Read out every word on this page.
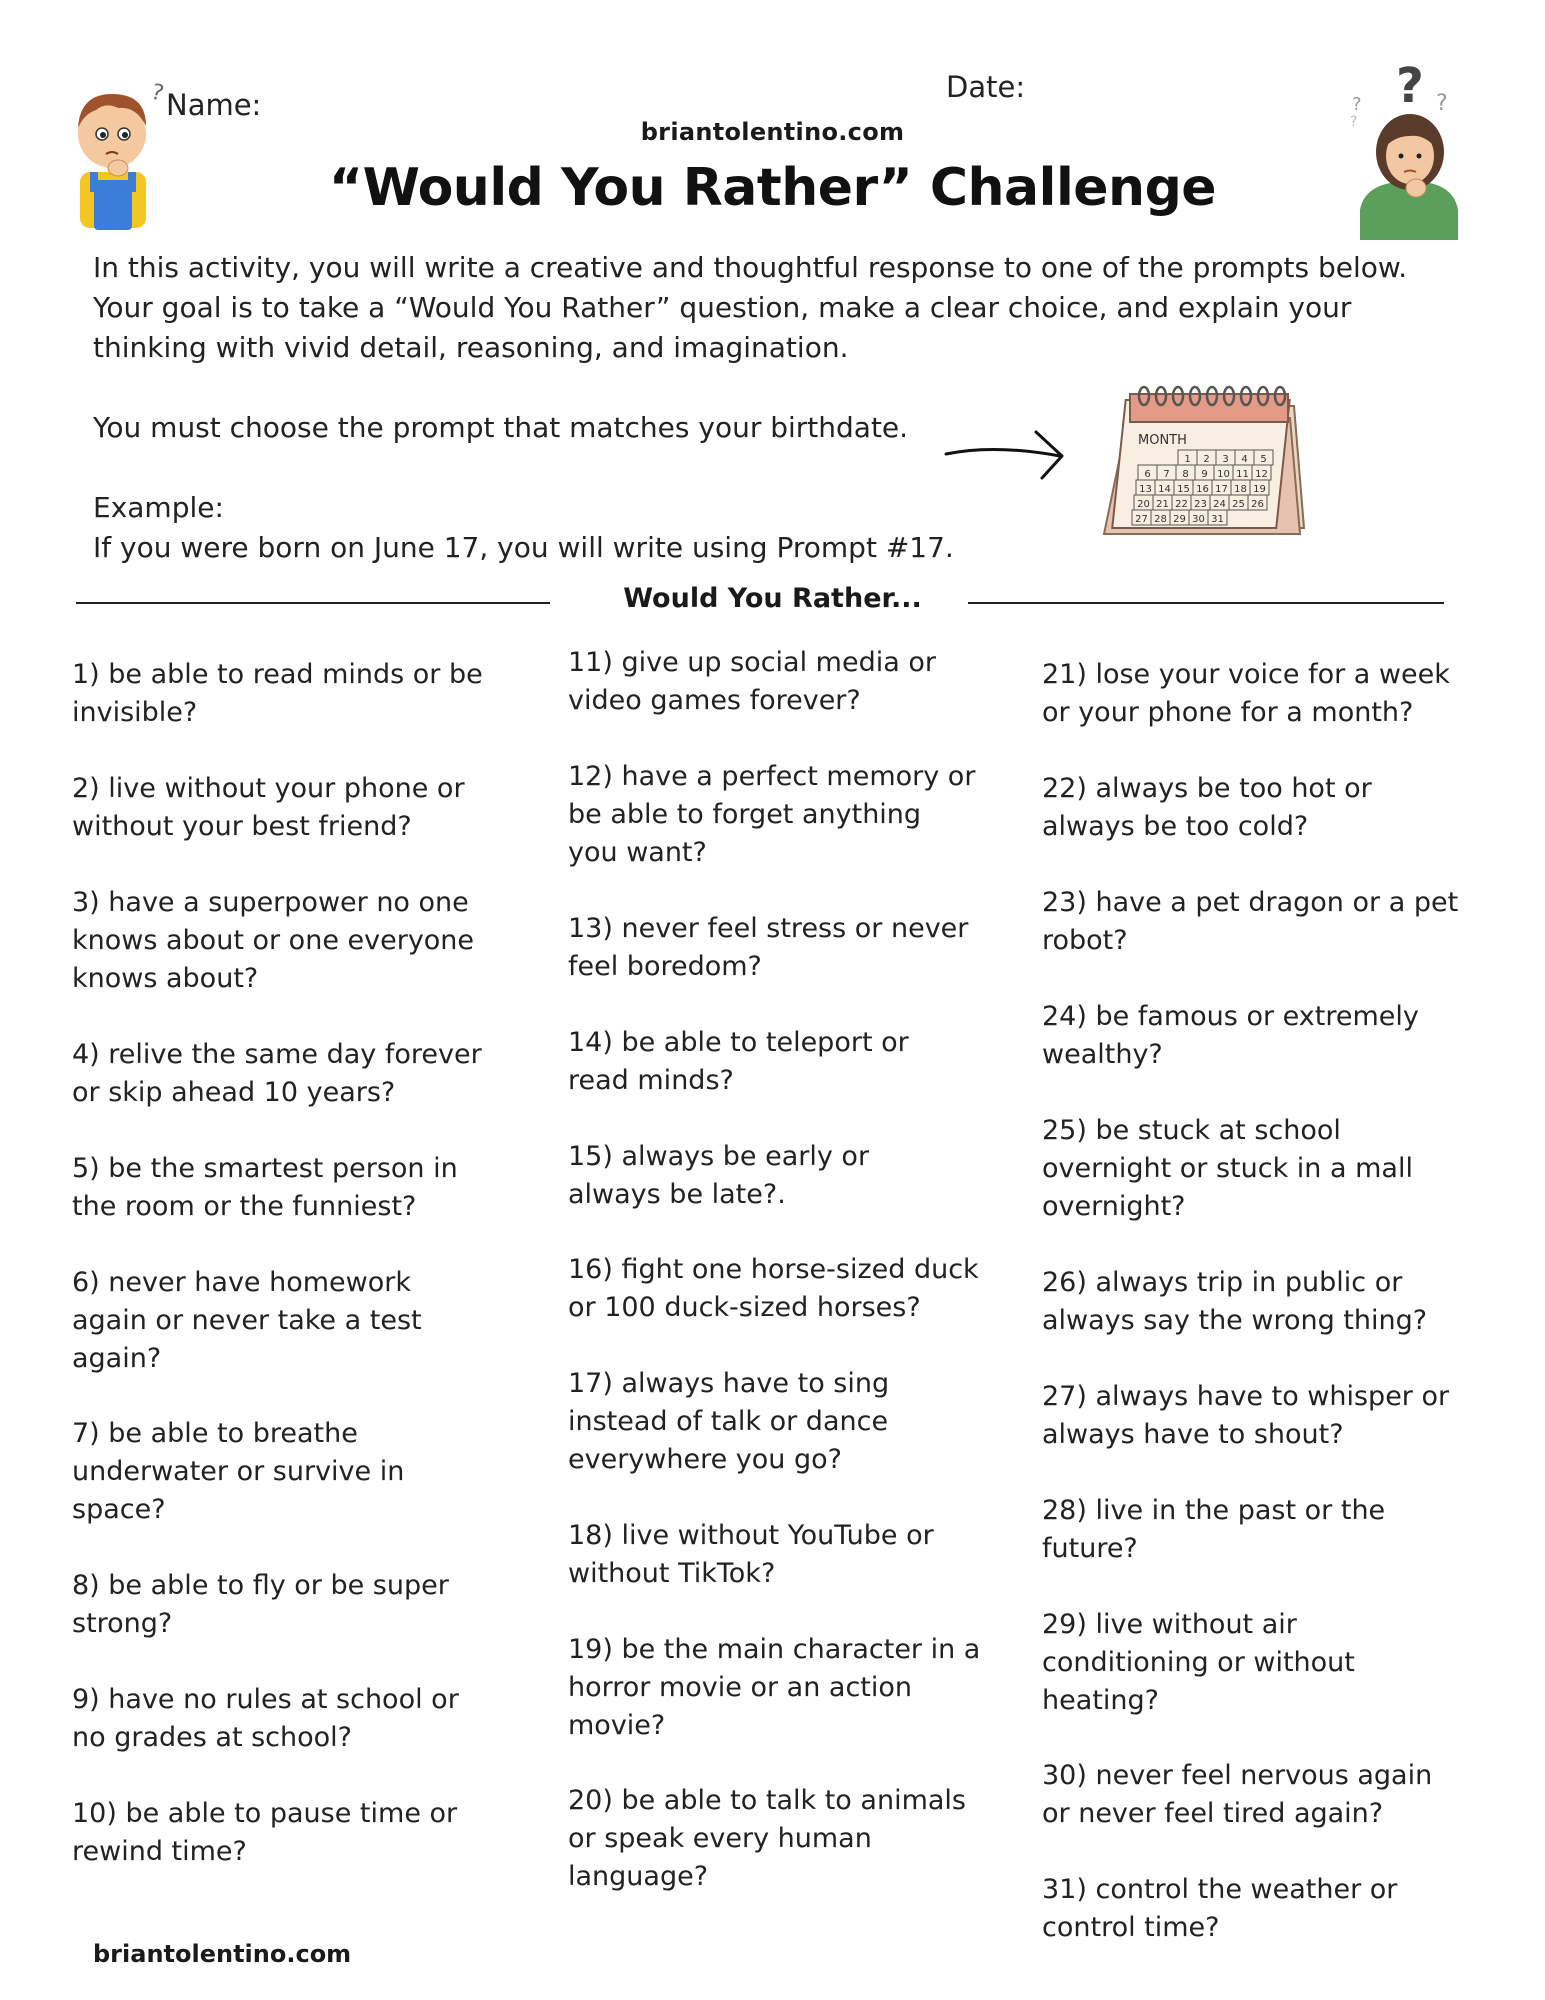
? Name:
Date:
briantolentino.com
“Would You Rather” Challenge
? ?
?
?

In this activity, you will write a creative and thoughtful response to one of the prompts below. Your goal is to take a “Would You Rather” question, make a clear choice, and explain your thinking with vivid detail, reasoning, and imagination.

You must choose the prompt that matches your birthdate.

Example:

If you were born on June 17, you will write using Prompt #17.

MONTH
1 2 3 4 5
6 7 8 9 10 11 12
13 14 15 16 17 18 19
20 21 22 23 24 25 26
27 28 29 30 31
Would You Rather...
1) be able to read minds or be invisible?
2) live without your phone or without your best friend?
3) have a superpower no one knows about or one everyone knows about?
4) relive the same day forever or skip ahead 10 years?
5) be the smartest person in the room or the funniest?
6) never have homework again or never take a test again?
7) be able to breathe underwater or survive in space?
8) be able to fly or be super strong?
9) have no rules at school or no grades at school?
10) be able to pause time or rewind time?
11) give up social media or video games forever?
12) have a perfect memory or be able to forget anything you want?
13) never feel stress or never feel boredom?
14) be able to teleport or read minds?
15) always be early or always be late?.
16) fight one horse-sized duck or 100 duck-sized horses?
17) always have to sing instead of talk or dance everywhere you go?
18) live without YouTube or without TikTok?
19) be the main character in a horror movie or an action movie?
20) be able to talk to animals or speak every human language?
21) lose your voice for a week or your phone for a month?
22) always be too hot or always be too cold?
23) have a pet dragon or a pet robot?
24) be famous or extremely wealthy?
25) be stuck at school overnight or stuck in a mall overnight?
26) always trip in public or always say the wrong thing?
27) always have to whisper or always have to shout?
28) live in the past or the future?
29) live without air conditioning or without heating?
30) never feel nervous again or never feel tired again?
31) control the weather or control time?
briantolentino.com
